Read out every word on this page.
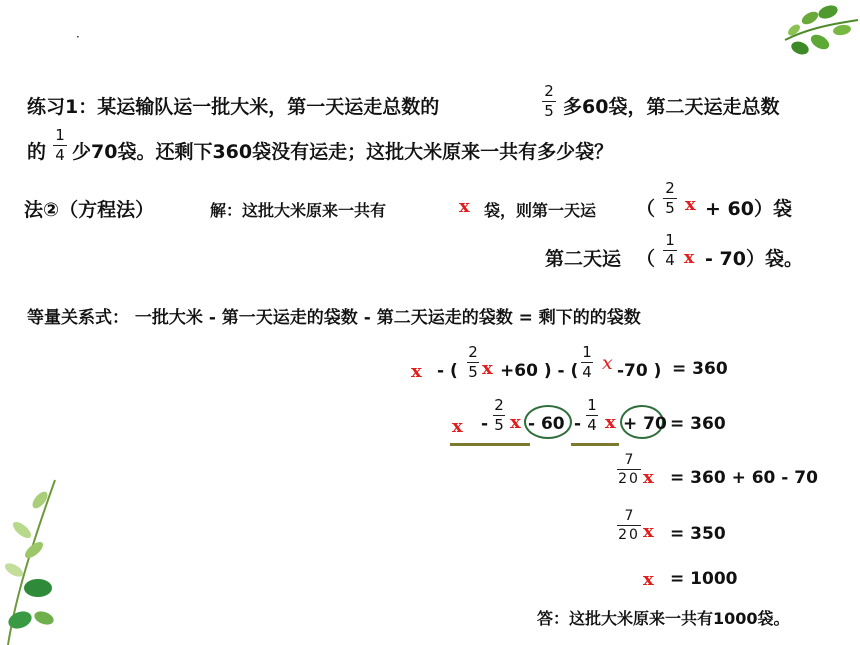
·
练习1：某运输队运一批大米，第一天运走总数的
2
5 多60袋，第二天运走总数
的
1
4 少70袋。还剩下360袋没有运走；这批大米原来一共有多少袋？
法②（方程法）	解：这批大米原来一共有	x 袋，则第一天运 （
2
5 x + 60）袋
第二天运 （
1
4 x - 70）袋。
等量关系式： 一批大米 - 第一天运走的袋数 - 第二天运走的袋数 = 剩下的的袋数
x - (
2
5 x +60 ) - (
1
4 x -70 ) = 360
x -
2
5 x - 60 -
1
4 x + 70 = 360
7
20 x = 360 + 60 - 70
7
20 x = 350
x = 1000
答：这批大米原来一共有1000袋。
